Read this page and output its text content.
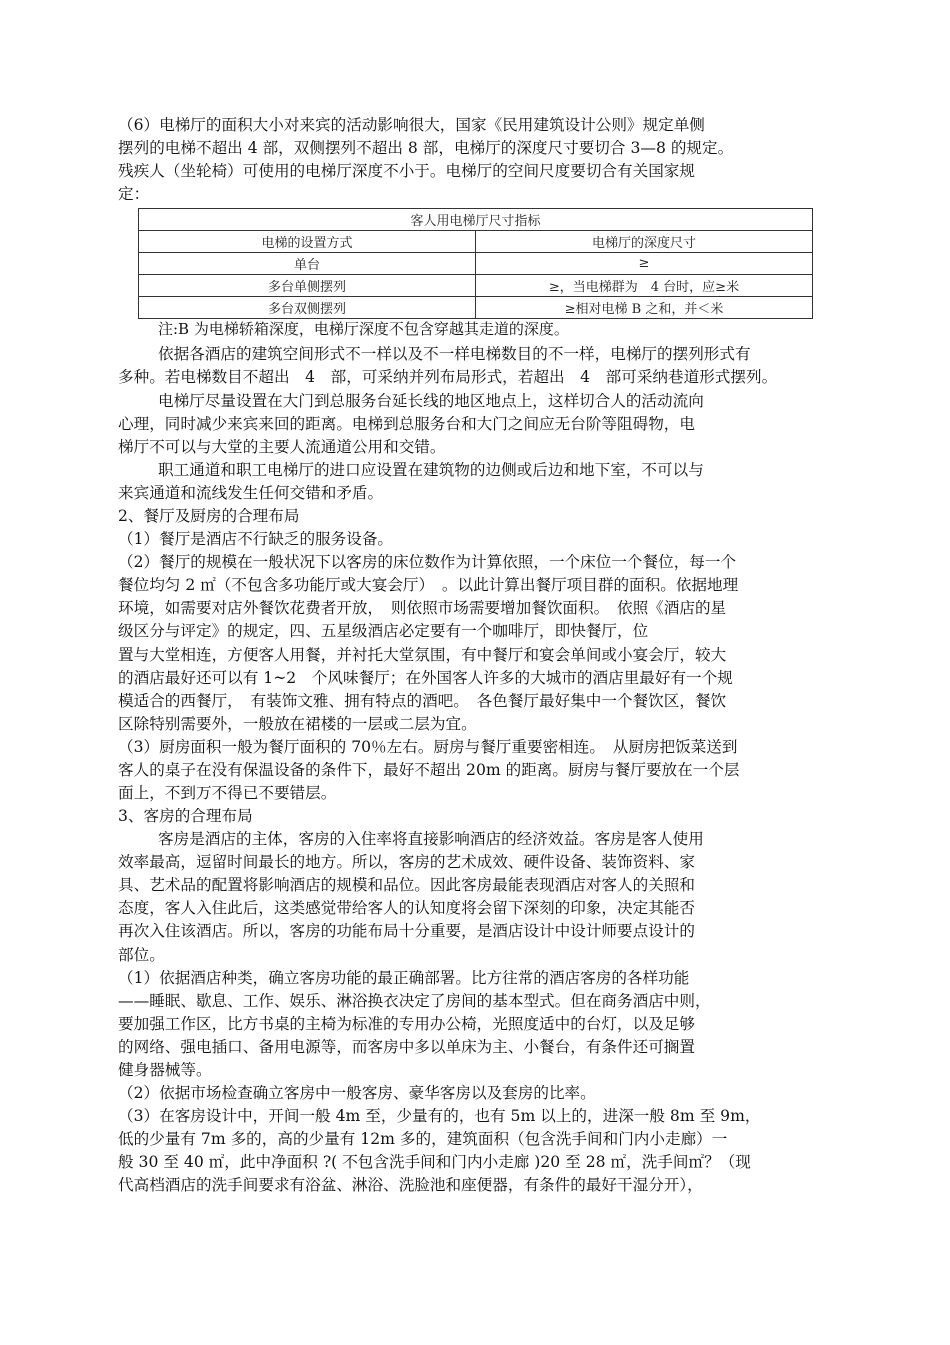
（6）电梯厅的面积大小对来宾的活动影响很大，国家《民用建筑设计公则》规定单侧
摆列的电梯不超出 4 部，双侧摆列不超出 8 部，电梯厅的深度尺寸要切合 3—8 的规定。
残疾人（坐轮椅）可使用的电梯厅深度不小于。电梯厅的空间尺度要切合有关国家规
定：
客人用电梯厅尺寸指标	
电梯的设置方式	电梯厅的深度尺寸
单台	≥
多台单侧摆列	≥，当电梯群为　4 台时，应≥米
多台双侧摆列	≥相对电梯 B 之和，并＜米
注:B 为电梯轿箱深度，电梯厅深度不包含穿越其走道的深度。
依据各酒店的建筑空间形式不一样以及不一样电梯数目的不一样，电梯厅的摆列形式有
多种。若电梯数目不超出　4　部，可采纳并列布局形式，若超出　4　部可采纳巷道形式摆列。
电梯厅尽量设置在大门到总服务台延长线的地区地点上，这样切合人的活动流向
心理，同时减少来宾来回的距离。电梯到总服务台和大门之间应无台阶等阻碍物，电
梯厅不可以与大堂的主要人流通道公用和交错。
职工通道和职工电梯厅的进口应设置在建筑物的边侧或后边和地下室，不可以与
来宾通道和流线发生任何交错和矛盾。
2、餐厅及厨房的合理布局
（1）餐厅是酒店不行缺乏的服务设备。
（2）餐厅的规模在一般状况下以客房的床位数作为计算依照，一个床位一个餐位，每一个
餐位均匀 2 ㎡（不包含多功能厅或大宴会厅）　。以此计算出餐厅项目群的面积。依据地理
环境，如需要对店外餐饮花费者开放，　则依照市场需要增加餐饮面积。　依照《酒店的星
级区分与评定》的规定，四、五星级酒店必定要有一个咖啡厅，即快餐厅，位
置与大堂相连，方便客人用餐，并衬托大堂氛围，有中餐厅和宴会单间或小宴会厅，较大
的酒店最好还可以有 1~2　个风味餐厅；在外国客人许多的大城市的酒店里最好有一个规
模适合的西餐厅，　有装饰文雅、拥有特点的酒吧。　各色餐厅最好集中一个餐饮区，餐饮
区除特别需要外，一般放在裙楼的一层或二层为宜。
（3）厨房面积一般为餐厅面积的 70％左右。厨房与餐厅重要密相连。　从厨房把饭菜送到
客人的桌子在没有保温设备的条件下，最好不超出 20m 的距离。厨房与餐厅要放在一个层
面上，不到万不得已不要错层。
3、客房的合理布局
客房是酒店的主体，客房的入住率将直接影响酒店的经济效益。客房是客人使用
效率最高，逗留时间最长的地方。所以，客房的艺术成效、硬件设备、装饰资料、家
具、艺术品的配置将影响酒店的规模和品位。因此客房最能表现酒店对客人的关照和
态度，客人入住此后，这类感觉带给客人的认知度将会留下深刻的印象，决定其能否
再次入住该酒店。所以，客房的功能布局十分重要，是酒店设计中设计师要点设计的
部位。
（1）依据酒店种类，确立客房功能的最正确部署。比方往常的酒店客房的各样功能
——睡眠、歇息、工作、娱乐、淋浴换衣决定了房间的基本型式。但在商务酒店中则，
要加强工作区，比方书桌的主椅为标准的专用办公椅，光照度适中的台灯，以及足够
的网络、强电插口、备用电源等，而客房中多以单床为主、小餐台，有条件还可搁置
健身器械等。
（2）依据市场检查确立客房中一般客房、豪华客房以及套房的比率。
（3）在客房设计中，开间一般 4m 至，少量有的，也有 5m 以上的，进深一般 8m 至 9m，
低的少量有 7m 多的，高的少量有 12m 多的，建筑面积（包含洗手间和门内小走廊）一
般 30 至 40 ㎡，此中净面积 ?( 不包含洗手间和门内小走廊 )20 至 28 ㎡，洗手间㎡？（现
代高档酒店的洗手间要求有浴盆、淋浴、洗脸池和座便器，有条件的最好干湿分开），
